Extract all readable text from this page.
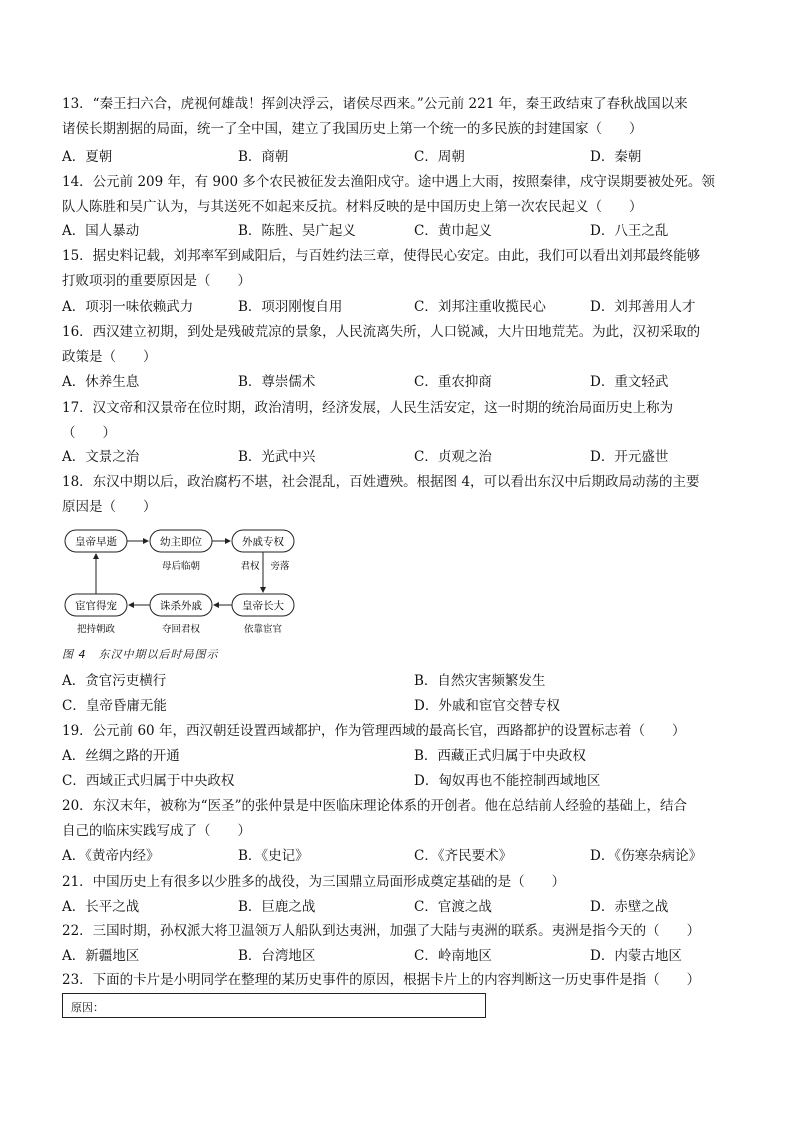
13．“秦王扫六合，虎视何雄哉！挥剑决浮云，诸侯尽西来。”公元前 221 年，秦王政结束了春秋战国以来
诸侯长期割据的局面，统一了全中国，建立了我国历史上第一个统一的多民族的封建国家（　　）
A．夏朝	B．商朝	C．周朝	D．秦朝
14．公元前 209 年，有 900 多个农民被征发去渔阳戍守。途中遇上大雨，按照秦律，戍守误期要被处死。领
队人陈胜和吴广认为，与其送死不如起来反抗。材料反映的是中国历史上第一次农民起义（　　）
A．国人暴动	B．陈胜、吴广起义	C．黄巾起义	D．八王之乱
15．据史料记载，刘邦率军到咸阳后，与百姓约法三章，使得民心安定。由此，我们可以看出刘邦最终能够
打败项羽的重要原因是（　　）
A．项羽一味依赖武力	B．项羽刚愎自用	C．刘邦注重收揽民心	D．刘邦善用人才
16．西汉建立初期，到处是残破荒凉的景象，人民流离失所，人口锐减，大片田地荒芜。为此，汉初采取的
政策是（　　）
A．休养生息	B．尊崇儒术	C．重农抑商	D．重文轻武
17．汉文帝和汉景帝在位时期，政治清明，经济发展，人民生活安定，这一时期的统治局面历史上称为
（　　）
A．文景之治	B．光武中兴	C．贞观之治	D．开元盛世
18．东汉中期以后，政治腐朽不堪，社会混乱，百姓遭殃。根据图 4，可以看出东汉中后期政局动荡的主要
原因是（　　）
皇帝早逝	幼主即位	外戚专权
皇帝长大
诛杀外戚
宦官得宠
母后临朝	君权 旁落
依靠宦官
夺回君权
把持朝政
图 4　东汉中期以后时局图示
A．贪官污吏横行	B．自然灾害频繁发生
C．皇帝昏庸无能	D．外戚和宦官交替专权
19．公元前 60 年，西汉朝廷设置西域都护，作为管理西域的最高长官，西路都护的设置标志着（　　）
A．丝绸之路的开通	B．西藏正式归属于中央政权
C．西域正式归属于中央政权	D．匈奴再也不能控制西域地区
20．东汉末年，被称为“医圣”的张仲景是中医临床理论体系的开创者。他在总结前人经验的基础上，结合
自己的临床实践写成了（　　）
A．《黄帝内经》	B．《史记》	C．《齐民要术》	D．《伤寒杂病论》
21．中国历史上有很多以少胜多的战役，为三国鼎立局面形成奠定基础的是（　　）
A．长平之战	B．巨鹿之战	C．官渡之战	D．赤壁之战
22．三国时期，孙权派大将卫温领万人船队到达夷洲，加强了大陆与夷洲的联系。夷洲是指今天的（　　）
A．新疆地区	B．台湾地区	C．岭南地区	D．内蒙古地区
23．下面的卡片是小明同学在整理的某历史事件的原因，根据卡片上的内容判断这一历史事件是指（　　）
原因：
